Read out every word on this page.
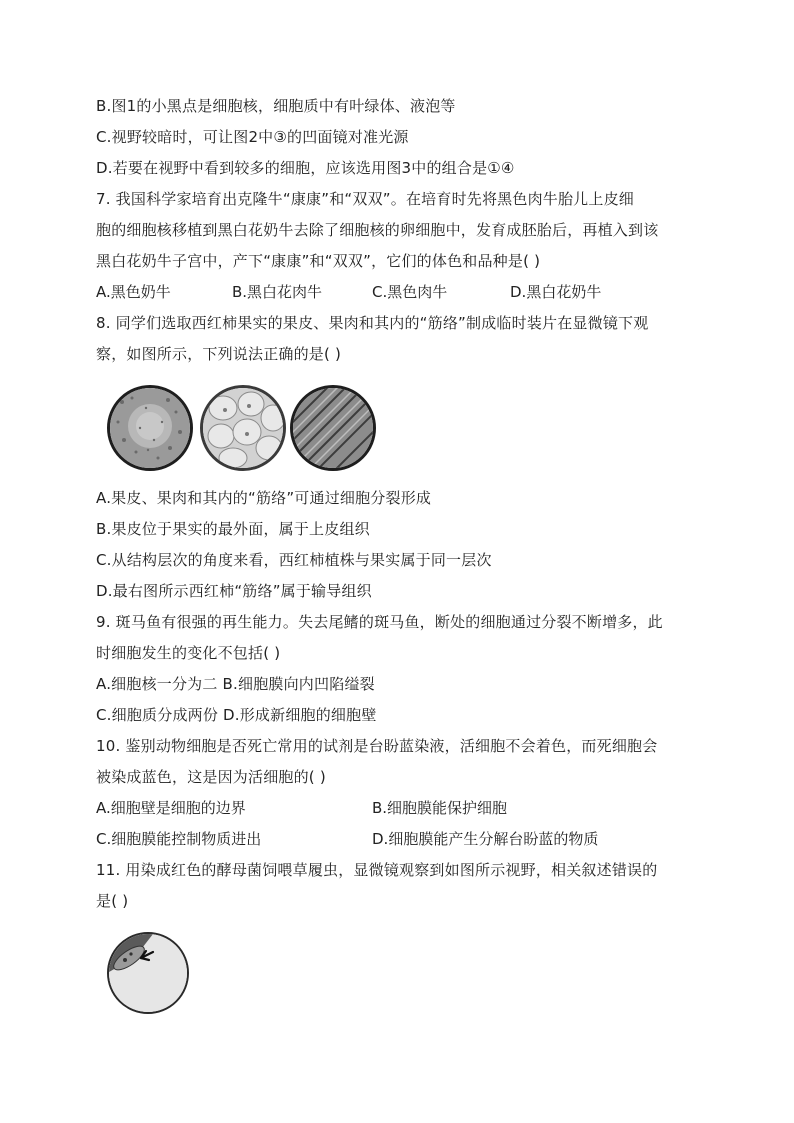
B.图1的小黑点是细胞核，细胞质中有叶绿体、液泡等
C.视野较暗时，可让图2中③的凹面镜对准光源
D.若要在视野中看到较多的细胞，应该选用图3中的组合是①④
7. 我国科学家培育出克隆牛“康康”和“双双”。在培育时先将黑色肉牛胎儿上皮细
胞的细胞核移植到黑白花奶牛去除了细胞核的卵细胞中，发育成胚胎后，再植入到该
黑白花奶牛子宫中，产下“康康”和“双双”，它们的体色和品种是( )
A.黑色奶牛	B.黑白花肉牛	C.黑色肉牛	D.黑白花奶牛
8. 同学们选取西红柿果实的果皮、果肉和其内的“筋络”制成临时装片在显微镜下观
察，如图所示，下列说法正确的是( )
A.果皮、果肉和其内的“筋络”可通过细胞分裂形成
B.果皮位于果实的最外面，属于上皮组织
C.从结构层次的角度来看，西红柿植株与果实属于同一层次
D.最右图所示西红柿“筋络”属于输导组织
9. 斑马鱼有很强的再生能力。失去尾鳍的斑马鱼，断处的细胞通过分裂不断增多，此
时细胞发生的变化不包括( )
A.细胞核一分为二 B.细胞膜向内凹陷缢裂
C.细胞质分成两份 D.形成新细胞的细胞壁
10. 鉴别动物细胞是否死亡常用的试剂是台盼蓝染液，活细胞不会着色，而死细胞会
被染成蓝色，这是因为活细胞的( )
A.细胞壁是细胞的边界	B.细胞膜能保护细胞
C.细胞膜能控制物质进出	D.细胞膜能产生分解台盼蓝的物质
11. 用染成红色的酵母菌饲喂草履虫，显微镜观察到如图所示视野，相关叙述错误的
是( )
